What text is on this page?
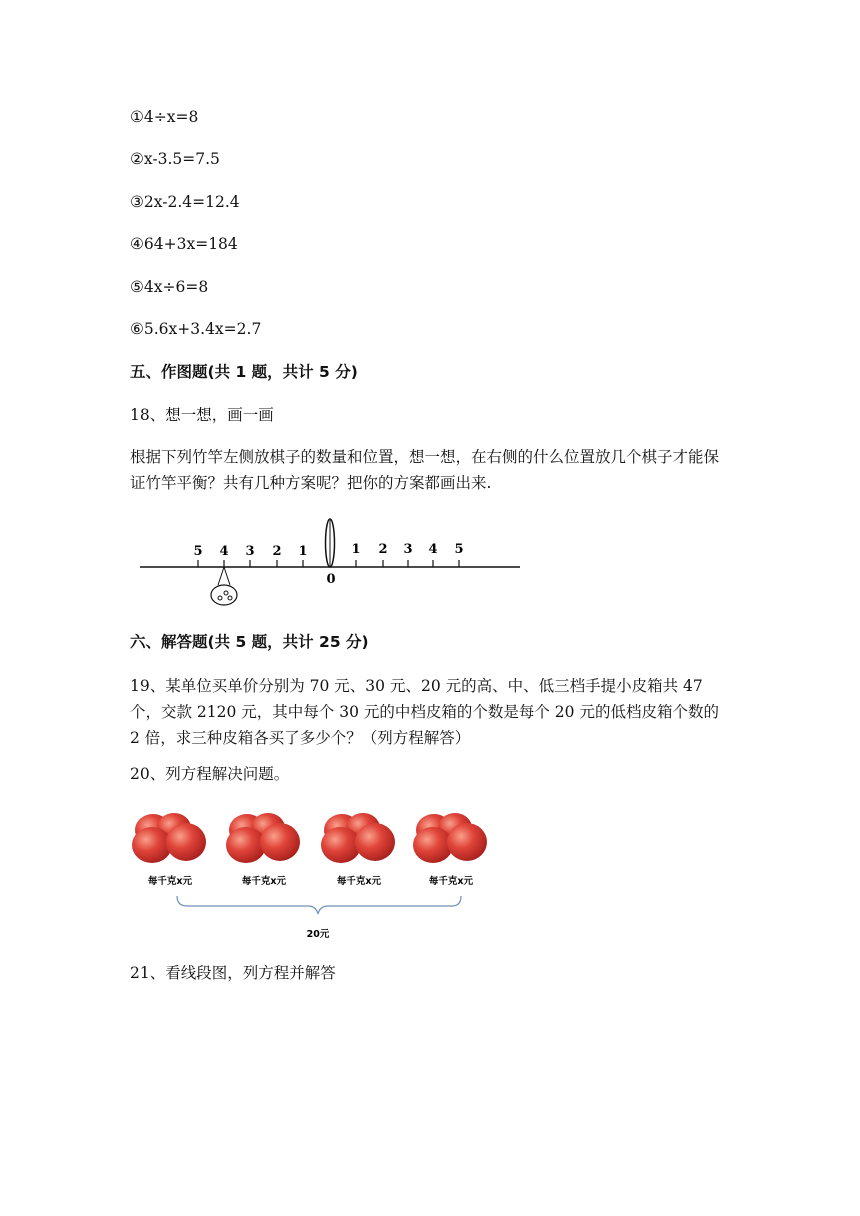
①4÷x=8
②x-3.5=7.5
③2x-2.4=12.4
④64+3x=184
⑤4x÷6=8
⑥5.6x+3.4x=2.7
五、作图题(共 1 题，共计 5 分)
18、想一想，画一画
根据下列竹竿左侧放棋子的数量和位置，想一想，在右侧的什么位置放几个棋子才能保证竹竿平衡？共有几种方案呢？把你的方案都画出来.
5 4 3 2 1
0
1 2 3 4 5
六、解答题(共 5 题，共计 25 分)
19、某单位买单价分别为 70 元、30 元、20 元的高、中、低三档手提小皮箱共 47 个，交款 2120 元，其中每个 30 元的中档皮箱的个数是每个 20 元的低档皮箱个数的 2 倍，求三种皮箱各买了多少个？（列方程解答）
20、列方程解决问题。
每千克x元	每千克x元	每千克x元	每千克x元
20元
21、看线段图，列方程并解答
